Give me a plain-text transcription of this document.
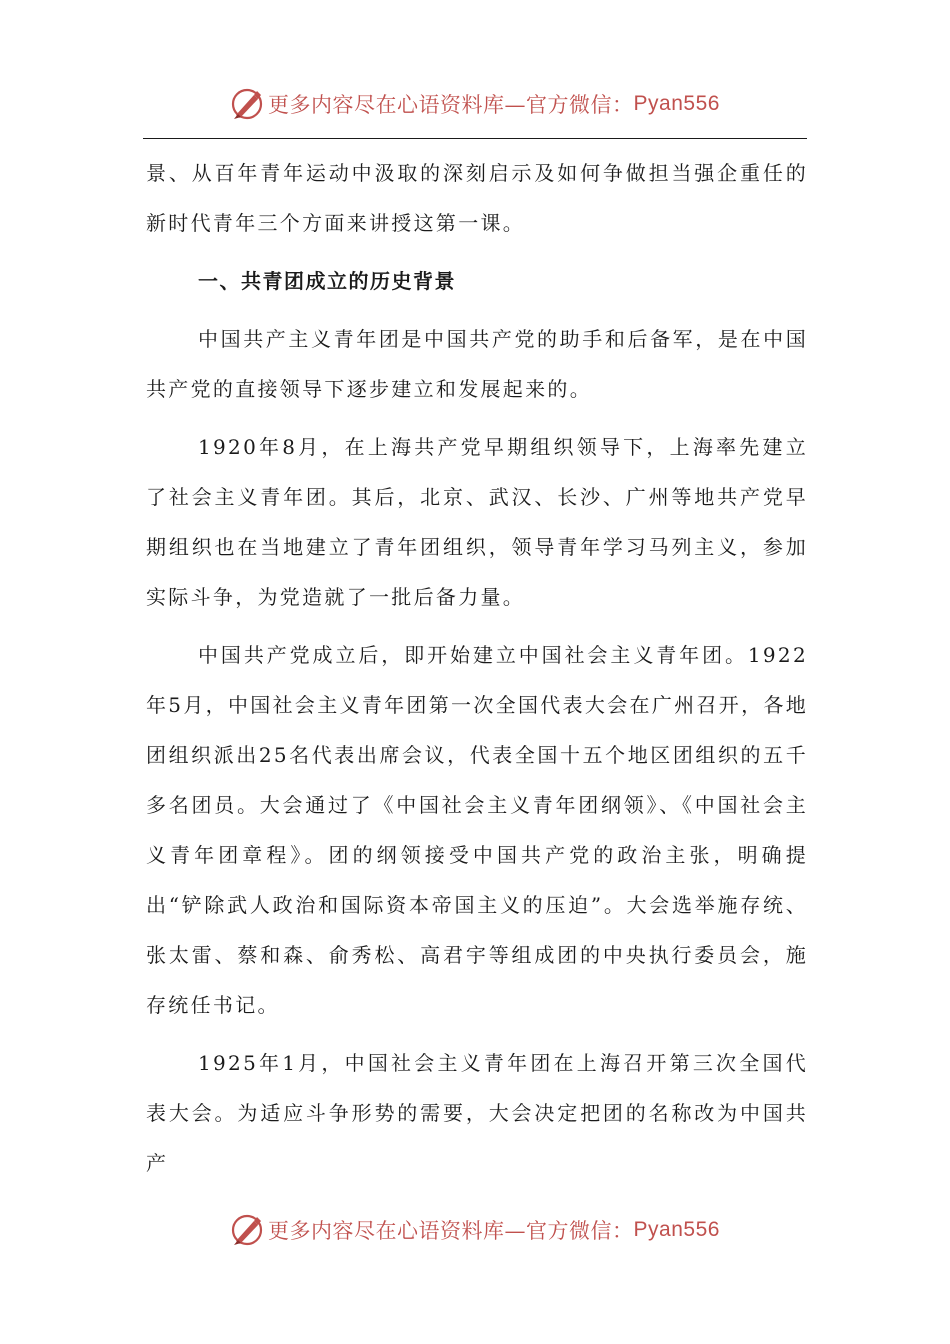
更多内容尽在心语资料库—官方微信： Pyan556

景、从百年青年运动中汲取的深刻启示及如何争做担当强企重任的新时代青年三个方面来讲授这第一课。

一、共青团成立的历史背景

中国共产主义青年团是中国共产党的助手和后备军，是在中国共产党的直接领导下逐步建立和发展起来的。

1920年8月，在上海共产党早期组织领导下，上海率先建立了社会主义青年团。其后，北京、武汉、长沙、广州等地共产党早期组织也在当地建立了青年团组织，领导青年学习马列主义，参加实际斗争，为党造就了一批后备力量。

中国共产党成立后，即开始建立中国社会主义青年团。1922年5月，中国社会主义青年团第一次全国代表大会在广州召开，各地团组织派出25名代表出席会议，代表全国十五个地区团组织的五千多名团员。大会通过了《中国社会主义青年团纲领》、《中国社会主义青年团章程》。团的纲领接受中国共产党的政治主张，明确提出“铲除武人政治和国际资本帝国主义的压迫”。大会选举施存统、张太雷、蔡和森、俞秀松、高君宇等组成团的中央执行委员会，施存统任书记。

1925年1月，中国社会主义青年团在上海召开第三次全国代表大会。为适应斗争形势的需要，大会决定把团的名称改为中国共产

更多内容尽在心语资料库—官方微信： Pyan556
